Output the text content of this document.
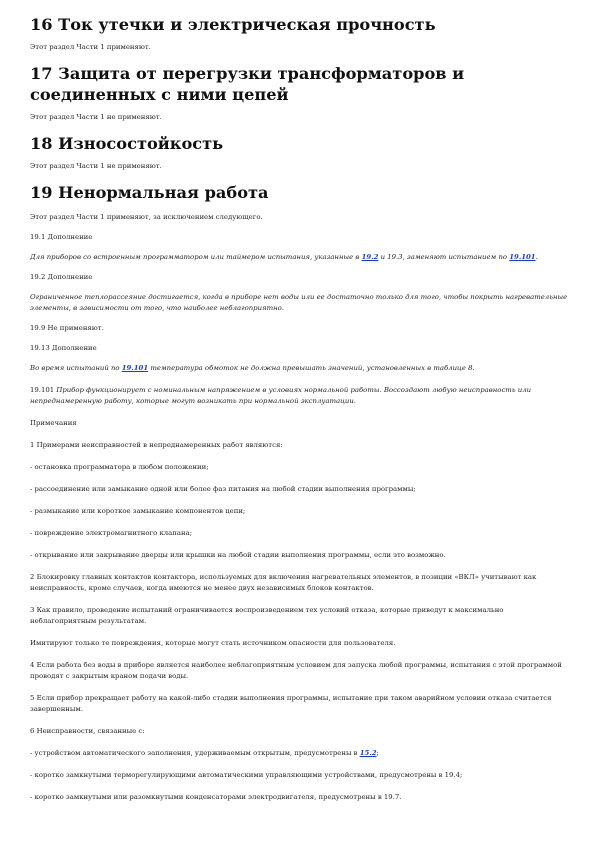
16 Ток утечки и электрическая прочность

Этот раздел Части 1 применяют.

17 Защита от перегрузки трансформаторов и соединенных с ними цепей

Этот раздел Части 1 не применяют.

18 Износостойкость

Этот раздел Части 1 не применяют.

19 Ненормальная работа

Этот раздел Части 1 применяют, за исключением следующего.

19.1 Дополнение

Для приборов со встроенным программатором или таймером испытания, указанные в 19.2 и 19.3, заменяют испытанием по 19.101.

19.2 Дополнение

Ограниченное теплорассеяние достигается, когда в приборе нет воды или ее достаточно только для того, чтобы покрыть нагревательные элементы, в зависимости от того, что наиболее неблагоприятно.

19.9 Не применяют.

19.13 Дополнение

Во время испытаний по 19.101 температура обмоток не должна превышать значений, установленных в таблице 8.

19.101 Прибор функционирует с номинальным напряжением в условиях нормальной работы. Воссоздают любую неисправность или непреднамеренную работу, которые могут возникать при нормальной эксплуатации.

Примечания

1 Примерами неисправностей в непреднамеренных работ являются:

- остановка программатора в любом положении;

- рассоединение или замыкание одной или более фаз питания на любой стадии выполнения программы;

- размыкание или короткое замыкание компонентов цепи;

- повреждение электромагнитного клапана;

- открывание или закрывание дверцы или крышки на любой стадии выполнения программы, если это возможно.

2 Блокировку главных контактов контактора, используемых для включения нагревательных элементов, в позиции «ВКЛ» учитывают как неисправность, кроме случаев, когда имеются не менее двух независимых блоков контактов.

3 Как правило, проведение испытаний ограничивается воспроизведением тех условий отказа, которые приведут к максимально неблагоприятным результатам.

Имитируют только те повреждения, которые могут стать источником опасности для пользователя.

4 Если работа без воды в приборе является наиболее неблагоприятным условием для запуска любой программы, испытания с этой программой проводят с закрытым краном подачи воды.

5 Если прибор прекращает работу на какой-либо стадии выполнения программы, испытание при таком аварийном условии отказа считается завершенным.

6 Неисправности, связанные с:

- устройством автоматического заполнения, удерживаемым открытым, предусмотрены в 15.2;

- коротко замкнутыми терморегулирующими автоматическими управляющими устройствами, предусмотрены в 19.4;

- коротко замкнутыми или разомкнутыми конденсаторами электродвигателя, предусмотрены в 19.7.
